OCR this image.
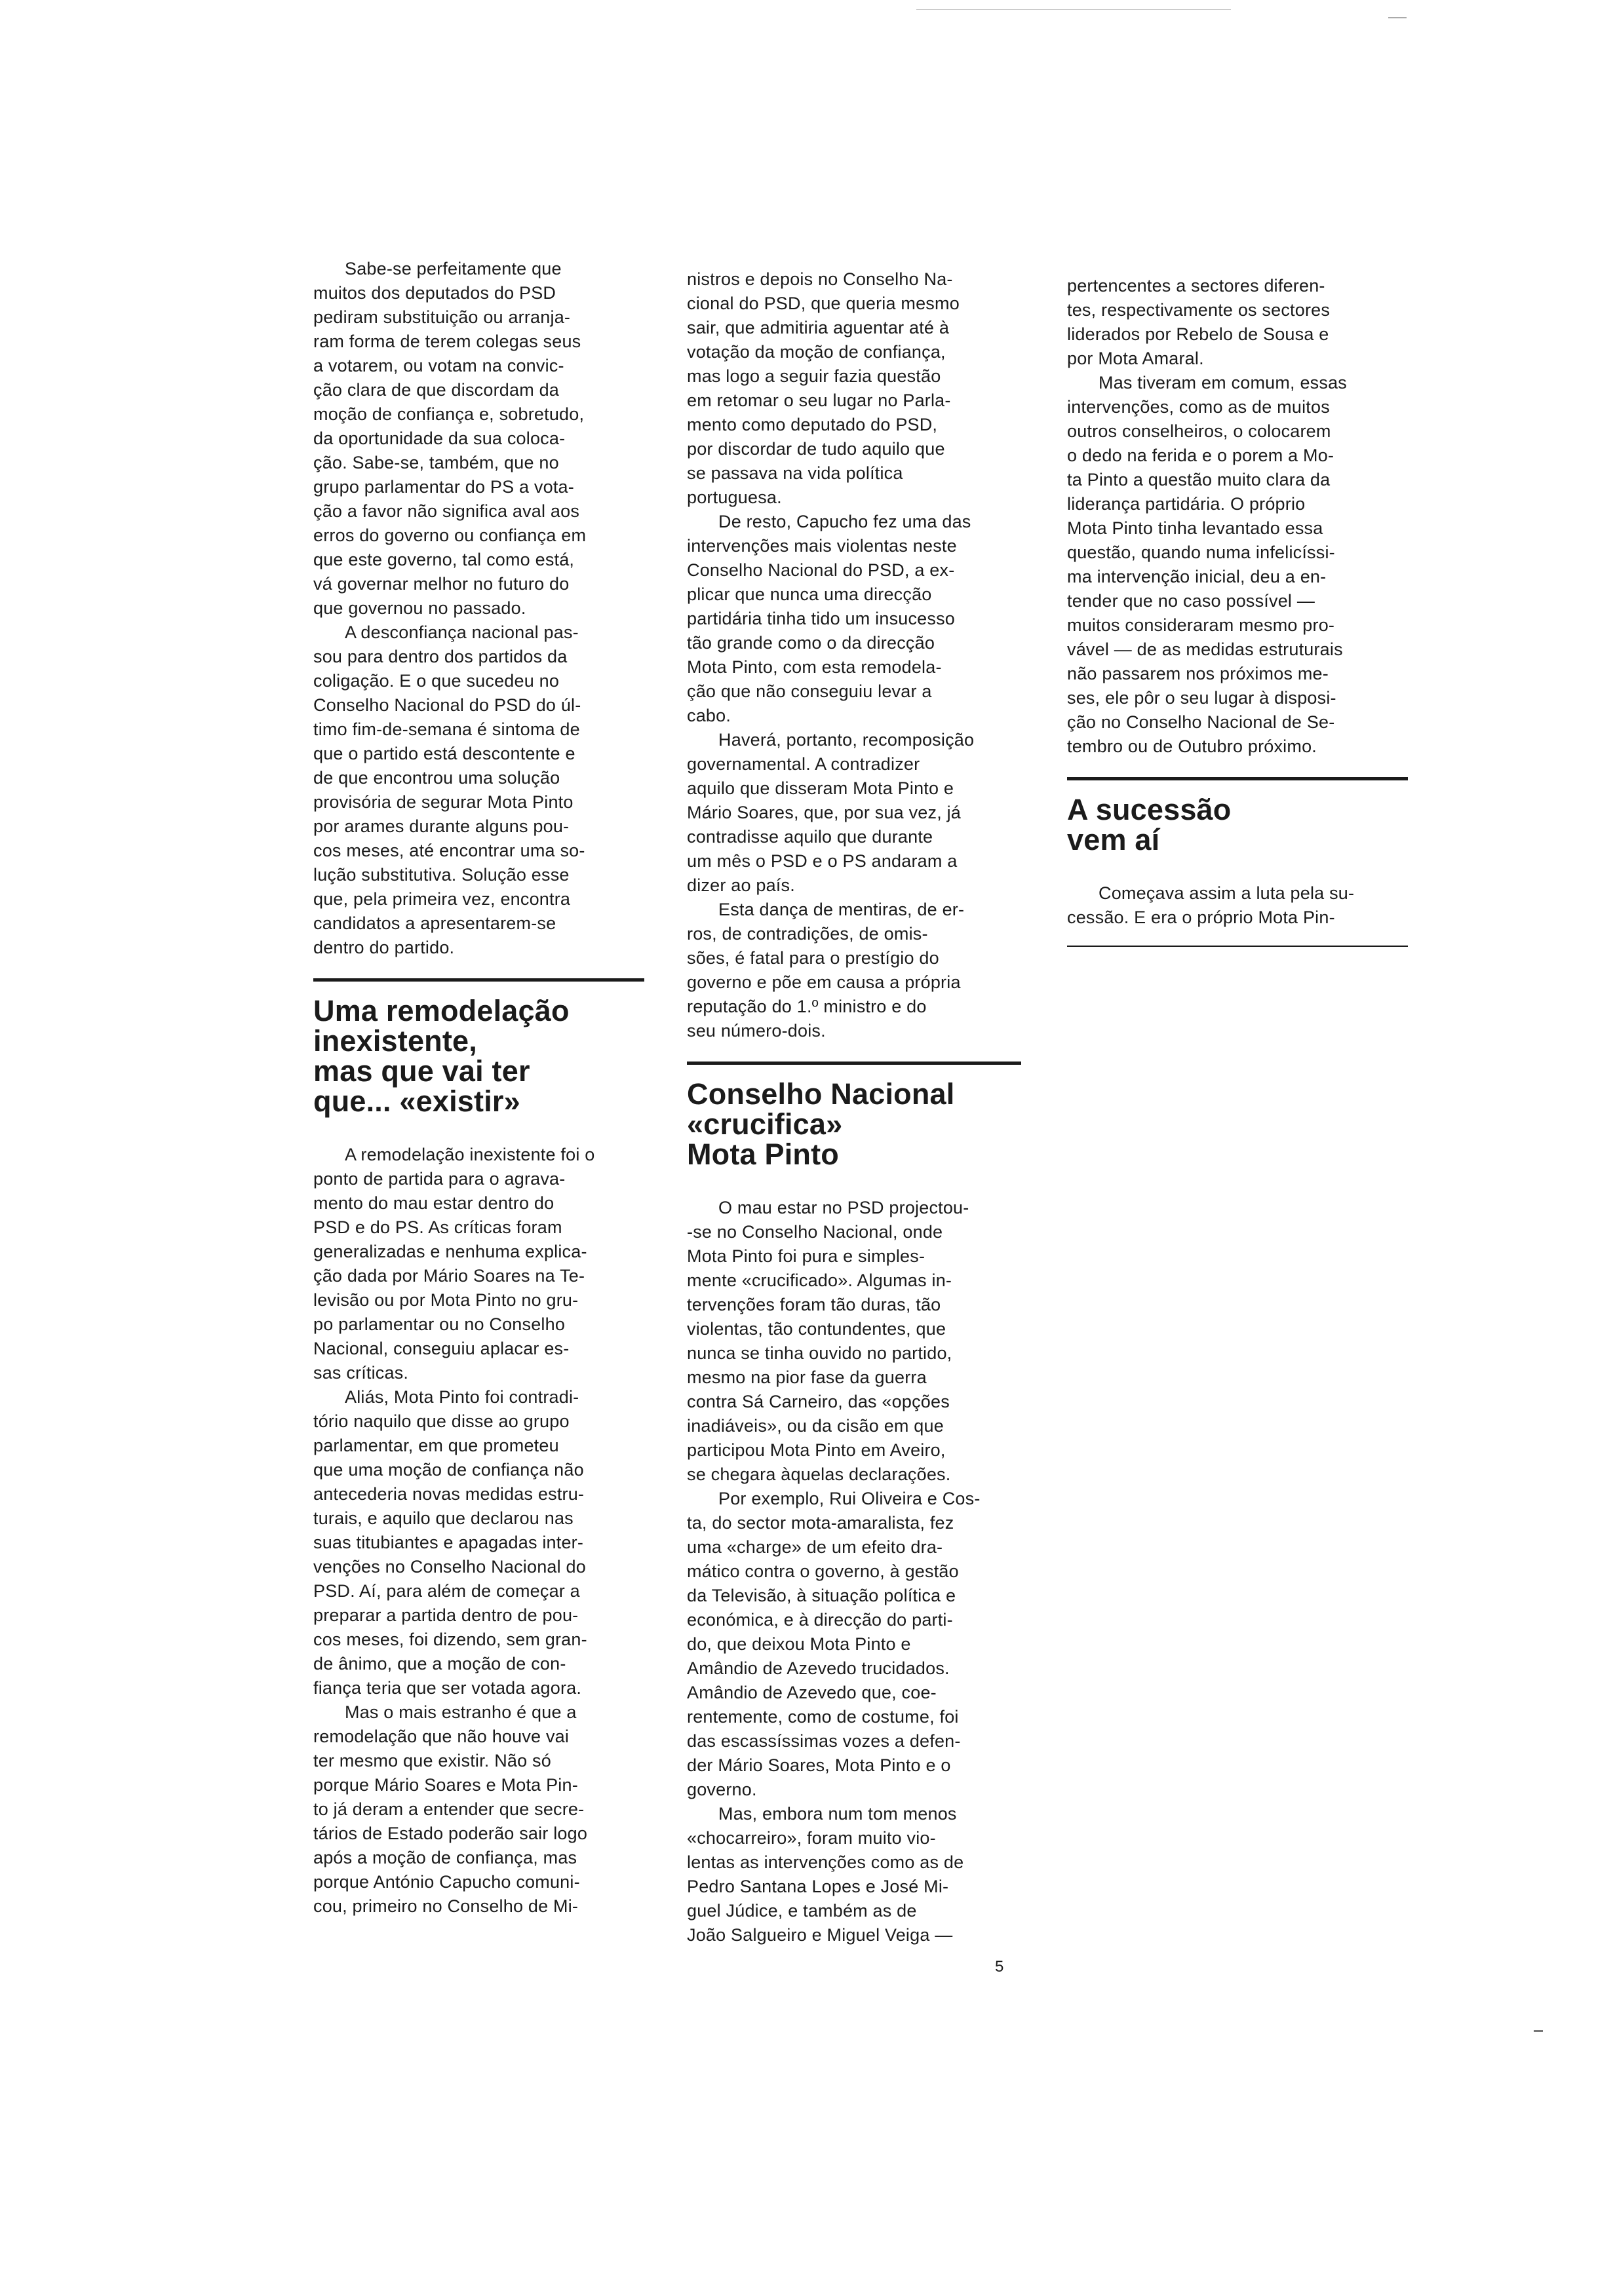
Sabe-se perfeitamente que
muitos dos deputados do PSD
pediram substituição ou arranja-
ram forma de terem colegas seus
a votarem, ou votam na convic-
ção clara de que discordam da
moção de confiança e, sobretudo,
da oportunidade da sua coloca-
ção. Sabe-se, também, que no
grupo parlamentar do PS a vota-
ção a favor não significa aval aos
erros do governo ou confiança em
que este governo, tal como está,
vá governar melhor no futuro do
que governou no passado.

A desconfiança nacional pas-
sou para dentro dos partidos da
coligação. E o que sucedeu no
Conselho Nacional do PSD do úl-
timo fim-de-semana é sintoma de
que o partido está descontente e
de que encontrou uma solução
provisória de segurar Mota Pinto
por arames durante alguns pou-
cos meses, até encontrar uma so-
lução substitutiva. Solução esse
que, pela primeira vez, encontra
candidatos a apresentarem-se
dentro do partido.

Uma remodelação
inexistente,
mas que vai ter
que... «existir»

A remodelação inexistente foi o
ponto de partida para o agrava-
mento do mau estar dentro do
PSD e do PS. As críticas foram
generalizadas e nenhuma explica-
ção dada por Mário Soares na Te-
levisão ou por Mota Pinto no gru-
po parlamentar ou no Conselho
Nacional, conseguiu aplacar es-
sas críticas.

Aliás, Mota Pinto foi contradi-
tório naquilo que disse ao grupo
parlamentar, em que prometeu
que uma moção de confiança não
antecederia novas medidas estru-
turais, e aquilo que declarou nas
suas titubiantes e apagadas inter-
venções no Conselho Nacional do
PSD. Aí, para além de começar a
preparar a partida dentro de pou-
cos meses, foi dizendo, sem gran-
de ânimo, que a moção de con-
fiança teria que ser votada agora.

Mas o mais estranho é que a
remodelação que não houve vai
ter mesmo que existir. Não só
porque Mário Soares e Mota Pin-
to já deram a entender que secre-
tários de Estado poderão sair logo
após a moção de confiança, mas
porque António Capucho comuni-
cou, primeiro no Conselho de Mi-

nistros e depois no Conselho Na-
cional do PSD, que queria mesmo
sair, que admitiria aguentar até à
votação da moção de confiança,
mas logo a seguir fazia questão
em retomar o seu lugar no Parla-
mento como deputado do PSD,
por discordar de tudo aquilo que
se passava na vida política
portuguesa.

De resto, Capucho fez uma das
intervenções mais violentas neste
Conselho Nacional do PSD, a ex-
plicar que nunca uma direcção
partidária tinha tido um insucesso
tão grande como o da direcção
Mota Pinto, com esta remodela-
ção que não conseguiu levar a
cabo.

Haverá, portanto, recomposição
governamental. A contradizer
aquilo que disseram Mota Pinto e
Mário Soares, que, por sua vez, já
contradisse aquilo que durante
um mês o PSD e o PS andaram a
dizer ao país.

Esta dança de mentiras, de er-
ros, de contradições, de omis-
sões, é fatal para o prestígio do
governo e põe em causa a própria
reputação do 1.º ministro e do
seu número-dois.

Conselho Nacional
«crucifica»
Mota Pinto

O mau estar no PSD projectou-
-se no Conselho Nacional, onde
Mota Pinto foi pura e simples-
mente «crucificado». Algumas in-
tervenções foram tão duras, tão
violentas, tão contundentes, que
nunca se tinha ouvido no partido,
mesmo na pior fase da guerra
contra Sá Carneiro, das «opções
inadiáveis», ou da cisão em que
participou Mota Pinto em Aveiro,
se chegara àquelas declarações.

Por exemplo, Rui Oliveira e Cos-
ta, do sector mota-amaralista, fez
uma «charge» de um efeito dra-
mático contra o governo, à gestão
da Televisão, à situação política e
económica, e à direcção do parti-
do, que deixou Mota Pinto e
Amândio de Azevedo trucidados.
Amândio de Azevedo que, coe-
rentemente, como de costume, foi
das escassíssimas vozes a defen-
der Mário Soares, Mota Pinto e o
governo.

Mas, embora num tom menos
«chocarreiro», foram muito vio-
lentas as intervenções como as de
Pedro Santana Lopes e José Mi-
guel Júdice, e também as de
João Salgueiro e Miguel Veiga —

pertencentes a sectores diferen-
tes, respectivamente os sectores
liderados por Rebelo de Sousa e
por Mota Amaral.

Mas tiveram em comum, essas
intervenções, como as de muitos
outros conselheiros, o colocarem
o dedo na ferida e o porem a Mo-
ta Pinto a questão muito clara da
liderança partidária. O próprio
Mota Pinto tinha levantado essa
questão, quando numa infelicíssi-
ma intervenção inicial, deu a en-
tender que no caso possível —
muitos consideraram mesmo pro-
vável — de as medidas estruturais
não passarem nos próximos me-
ses, ele pôr o seu lugar à disposi-
ção no Conselho Nacional de Se-
tembro ou de Outubro próximo.

A sucessão
vem aí

Começava assim a luta pela su-
cessão. E era o próprio Mota Pin-

5
